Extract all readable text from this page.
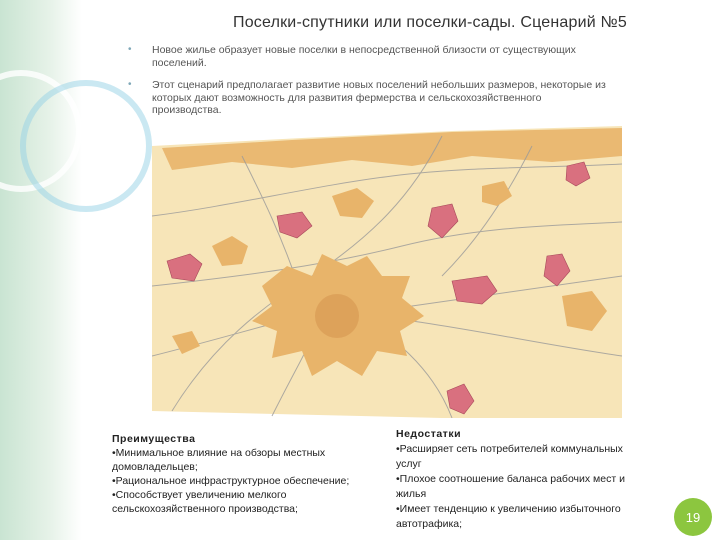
Поселки-спутники или поселки-сады. Сценарий №5
• Новое жилье образует новые поселки в непосредственной близости от существующих
поселений.
• Этот сценарий предполагает развитие новых поселений небольших размеров, некоторые из
которых дают возможность для развития фермерства и сельскохозяйственного
производства.
Преимущества
•Минимальное влияние на обзоры местных
домовладельцев;
•Рациональное инфраструктурное обеспечение;
•Способствует увеличению мелкого
сельскохозяйственного производства;
Недостатки
•Расширяет сеть потребителей коммунальных
услуг
•Плохое соотношение баланса рабочих мест и
жилья
•Имеет тенденцию к увеличению избыточного
автотрафика;	19
